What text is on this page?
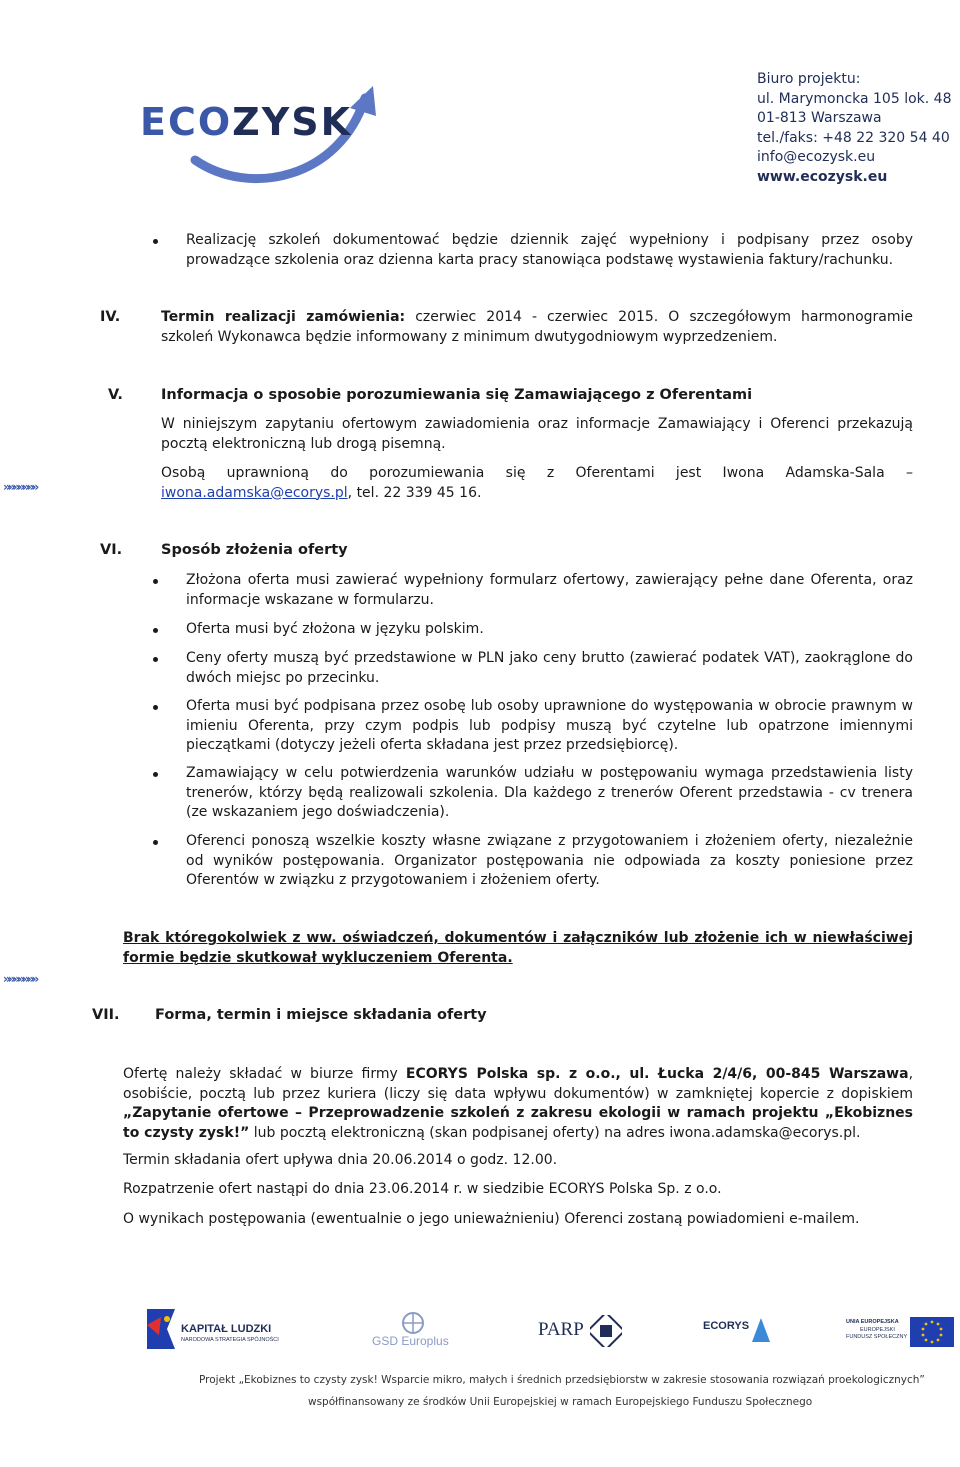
ECOZYSK
Biuro projektu:
ul. Marymoncka 105 lok. 48
01-813 Warszawa
tel./faks: +48 22 320 54 40
info@ecozysk.eu
www.ecozysk.eu
Realizację szkoleń dokumentować będzie dziennik zajęć wypełniony i podpisany przez osoby prowadzące szkolenia oraz dzienna karta pracy stanowiąca podstawę wystawienia faktury/rachunku.
IV.	Termin realizacji zamówienia: czerwiec 2014 - czerwiec 2015. O szczegółowym harmonogramie szkoleń Wykonawca będzie informowany z minimum dwutygodniowym wyprzedzeniem.
V.	Informacja o sposobie porozumiewania się Zamawiającego z Oferentami
W niniejszym zapytaniu ofertowym zawiadomienia oraz informacje Zamawiający i Oferenci przekazują pocztą elektroniczną lub drogą pisemną.
Osobą uprawnioną do porozumiewania się z Oferentami jest Iwona Adamska-Sala – iwona.adamska@ecorys.pl, tel. 22 339 45 16.
»»»»»»»
VI.	Sposób złożenia oferty
Złożona oferta musi zawierać wypełniony formularz ofertowy, zawierający pełne dane Oferenta, oraz informacje wskazane w formularzu.
Oferta musi być złożona w języku polskim.
Ceny oferty muszą być przedstawione w PLN jako ceny brutto (zawierać podatek VAT), zaokrąglone do dwóch miejsc po przecinku.
Oferta musi być podpisana przez osobę lub osoby uprawnione do występowania w obrocie prawnym w imieniu Oferenta, przy czym podpis lub podpisy muszą być czytelne lub opatrzone imiennymi pieczątkami (dotyczy jeżeli oferta składana jest przez przedsiębiorcę).
Zamawiający w celu potwierdzenia warunków udziału w postępowaniu wymaga przedstawienia listy trenerów, którzy będą realizowali szkolenia. Dla każdego z trenerów Oferent przedstawia - cv trenera (ze wskazaniem jego doświadczenia).
Oferenci ponoszą wszelkie koszty własne związane z przygotowaniem i złożeniem oferty, niezależnie od wyników postępowania. Organizator postępowania nie odpowiada za koszty poniesione przez Oferentów w związku z przygotowaniem i złożeniem oferty.
Brak któregokolwiek z ww. oświadczeń, dokumentów i załączników lub złożenie ich w niewłaściwej formie będzie skutkował wykluczeniem Oferenta.
»»»»»»»
VII. Forma, termin i miejsce składania oferty
Ofertę należy składać w biurze firmy ECORYS Polska sp. z o.o., ul. Łucka 2/4/6, 00-845 Warszawa, osobiście, pocztą lub przez kuriera (liczy się data wpływu dokumentów) w zamkniętej kopercie z dopiskiem „Zapytanie ofertowe – Przeprowadzenie szkoleń z zakresu ekologii w ramach projektu „Ekobiznes to czysty zysk!” lub pocztą elektroniczną (skan podpisanej oferty) na adres iwona.adamska@ecorys.pl.
Termin składania ofert upływa dnia 20.06.2014 o godz. 12.00.
Rozpatrzenie ofert nastąpi do dnia 23.06.2014 r. w siedzibie ECORYS Polska Sp. z o.o.
O wynikach postępowania (ewentualnie o jego unieważnieniu) Oferenci zostaną powiadomieni e-mailem.
KAPITAŁ LUDZKI
NARODOWA STRATEGIA SPÓJNOŚCI	GSD Europlus
PARP	ECORYS	UNIA EUROPEJSKA
EUROPEJSKI
FUNDUSZ SPOŁECZNY
Projekt „Ekobiznes to czysty zysk! Wsparcie mikro, małych i średnich przedsiębiorstw w zakresie stosowania rozwiązań proekologicznych”
współfinansowany ze środków Unii Europejskiej w ramach Europejskiego Funduszu Społecznego
